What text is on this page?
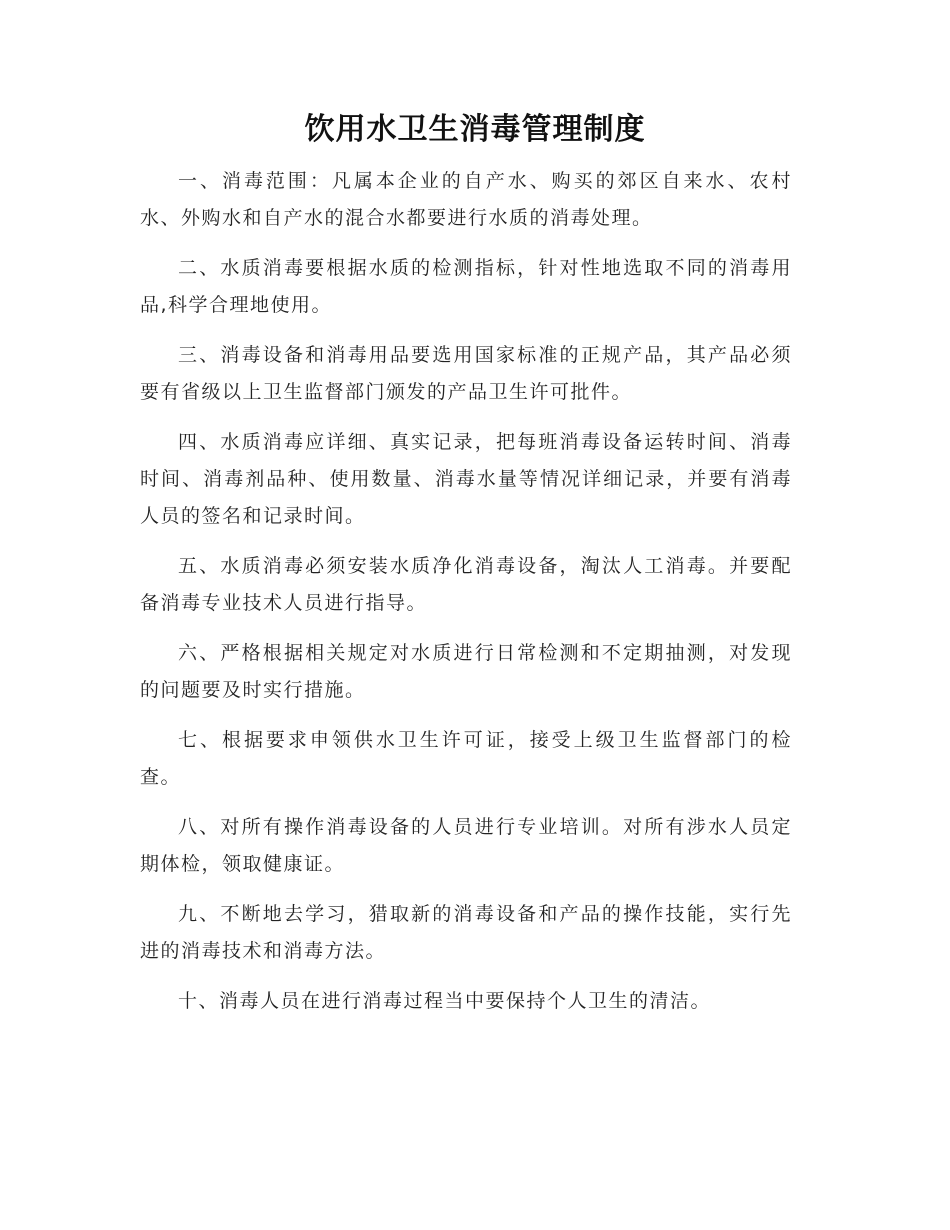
饮用水卫生消毒管理制度

一、消毒范围：凡属本企业的自产水、购买的郊区自来水、农村水、外购水和自产水的混合水都要进行水质的消毒处理。

二、水质消毒要根据水质的检测指标，针对性地选取不同的消毒用品,科学合理地使用。

三、消毒设备和消毒用品要选用国家标准的正规产品，其产品必须要有省级以上卫生监督部门颁发的产品卫生许可批件。

四、水质消毒应详细、真实记录，把每班消毒设备运转时间、消毒时间、消毒剂品种、使用数量、消毒水量等情况详细记录，并要有消毒人员的签名和记录时间。

五、水质消毒必须安装水质净化消毒设备，淘汰人工消毒。并要配备消毒专业技术人员进行指导。

六、严格根据相关规定对水质进行日常检测和不定期抽测，对发现的问题要及时实行措施。

七、根据要求申领供水卫生许可证，接受上级卫生监督部门的检查。

八、对所有操作消毒设备的人员进行专业培训。对所有涉水人员定期体检，领取健康证。

九、不断地去学习，猎取新的消毒设备和产品的操作技能，实行先进的消毒技术和消毒方法。

十、消毒人员在进行消毒过程当中要保持个人卫生的清洁。
